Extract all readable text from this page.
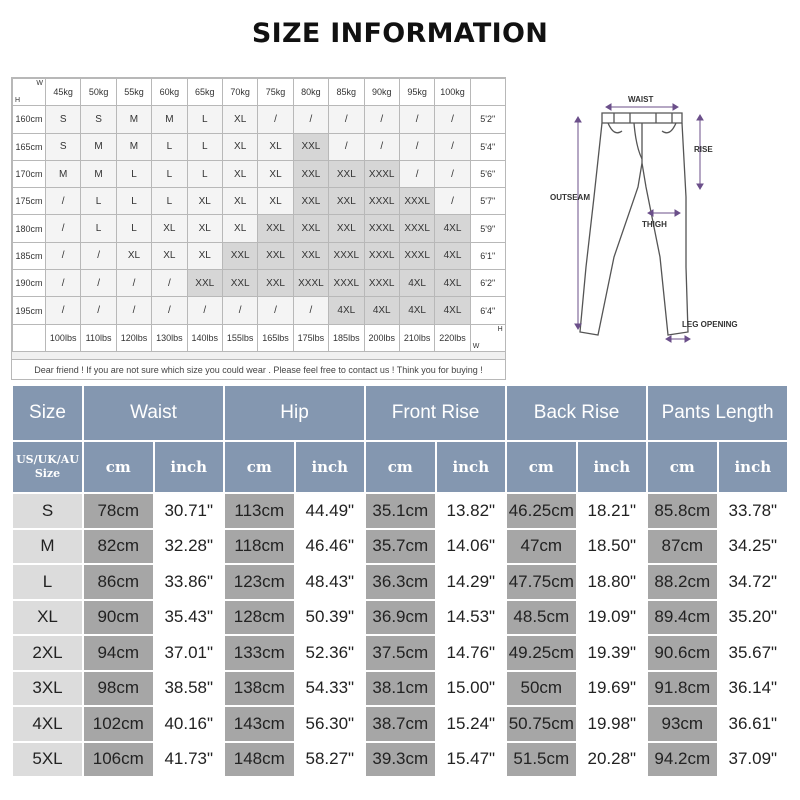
SIZE INFORMATION
W
H	45kg	50kg	55kg	60kg	65kg	70kg	75kg	80kg	85kg	90kg	95kg	100kg	
160cm	S	S	M	M	L	XL	/	/	/	/	/	/	5'2"
165cm	S	M	M	L	L	XL	XL	XXL	/	/	/	/	5'4"
170cm	M	M	L	L	L	XL	XL	XXL	XXL	XXXL	/	/	5'6"
175cm	/	L	L	L	XL	XL	XL	XXL	XXL	XXXL	XXXL	/	5'7"
180cm	/	L	L	XL	XL	XL	XXL	XXL	XXL	XXXL	XXXL	4XL	5'9"
185cm	/	/	XL	XL	XL	XXL	XXL	XXL	XXXL	XXXL	XXXL	4XL	6'1"
190cm	/	/	/	/	XXL	XXL	XXL	XXXL	XXXL	XXXL	4XL	4XL	6'2"
195cm	/	/	/	/	/	/	/	/	4XL	4XL	4XL	4XL	6'4"
	100lbs	110lbs	120lbs	130lbs	140lbs	155lbs	165lbs	175lbs	185lbs	200lbs	210lbs	220lbs	H
W
Dear friend ! If you are not sure which size you could wear . Please feel free to contact us ! Think you for buying !
WAIST
RISE
OUTSEAM
THIGH
LEG OPENING
Size	Waist		Hip		Front Rise		Back Rise		Pants Length	
US/UK/AU
Size	cm	inch	cm	inch	cm	inch	cm	inch	cm	inch
S	78cm	30.71"	113cm	44.49"	35.1cm	13.82"	46.25cm	18.21"	85.8cm	33.78"
M	82cm	32.28"	118cm	46.46"	35.7cm	14.06"	47cm	18.50"	87cm	34.25"
L	86cm	33.86"	123cm	48.43"	36.3cm	14.29"	47.75cm	18.80"	88.2cm	34.72"
XL	90cm	35.43"	128cm	50.39"	36.9cm	14.53"	48.5cm	19.09"	89.4cm	35.20"
2XL	94cm	37.01"	133cm	52.36"	37.5cm	14.76"	49.25cm	19.39"	90.6cm	35.67"
3XL	98cm	38.58"	138cm	54.33"	38.1cm	15.00"	50cm	19.69"	91.8cm	36.14"
4XL	102cm	40.16"	143cm	56.30"	38.7cm	15.24"	50.75cm	19.98"	93cm	36.61"
5XL	106cm	41.73"	148cm	58.27"	39.3cm	15.47"	51.5cm	20.28"	94.2cm	37.09"
